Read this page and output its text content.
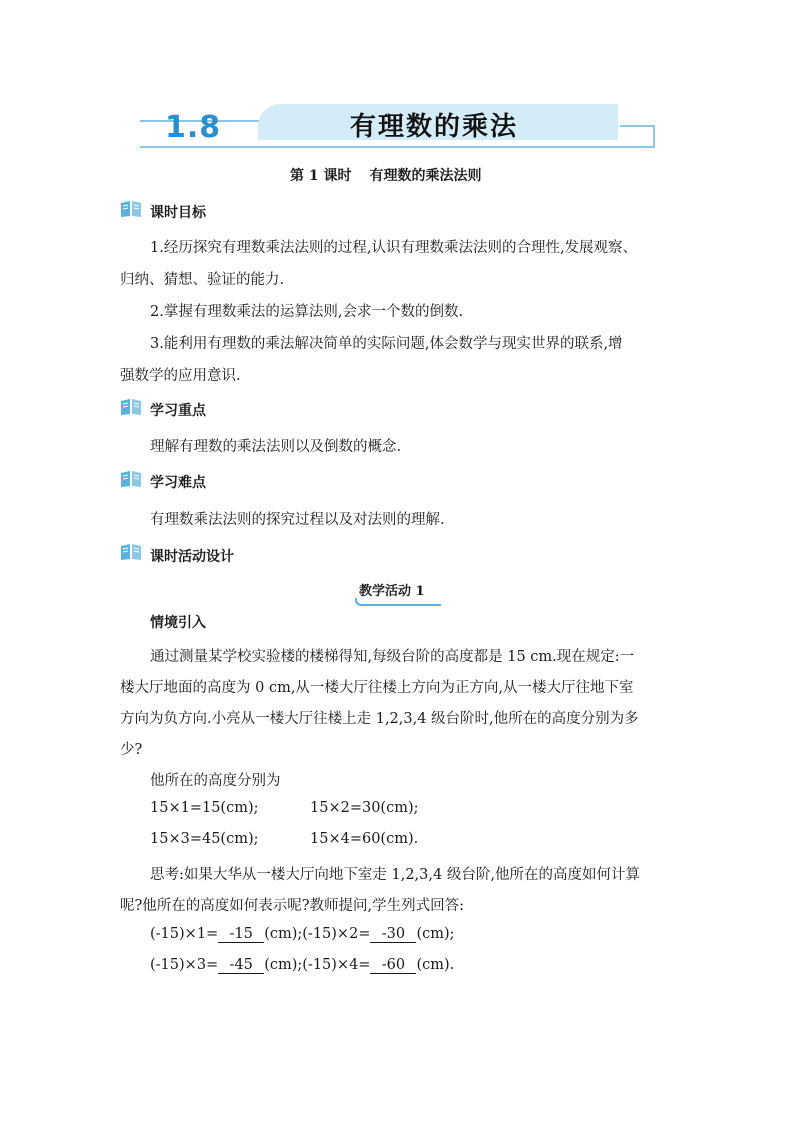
1.8	有理数的乘法
第 1 课时 有理数的乘法法则
课时目标
1.经历探究有理数乘法法则的过程,认识有理数乘法法则的合理性,发展观察、
归纳、猜想、验证的能力.
2.掌握有理数乘法的运算法则,会求一个数的倒数.
3.能利用有理数的乘法解决简单的实际问题,体会数学与现实世界的联系,增
强数学的应用意识.
学习重点
理解有理数的乘法法则以及倒数的概念.
学习难点
有理数乘法法则的探究过程以及对法则的理解.
课时活动设计
教学活动 1
情境引入
通过测量某学校实验楼的楼梯得知,每级台阶的高度都是 15 cm.现在规定:一
楼大厅地面的高度为 0 cm,从一楼大厅往楼上方向为正方向,从一楼大厅往地下室
方向为负方向.小亮从一楼大厅往楼上走 1,2,3,4 级台阶时,他所在的高度分别为多
少?
他所在的高度分别为
15×1=15(cm);	15×2=30(cm);
15×3=45(cm);	15×4=60(cm).
思考:如果大华从一楼大厅向地下室走 1,2,3,4 级台阶,他所在的高度如何计算
呢?他所在的高度如何表示呢?教师提问,学生列式回答:
(-15)×1= -15 (cm);(-15)×2= -30 (cm);
(-15)×3= -45 (cm);(-15)×4= -60 (cm).
